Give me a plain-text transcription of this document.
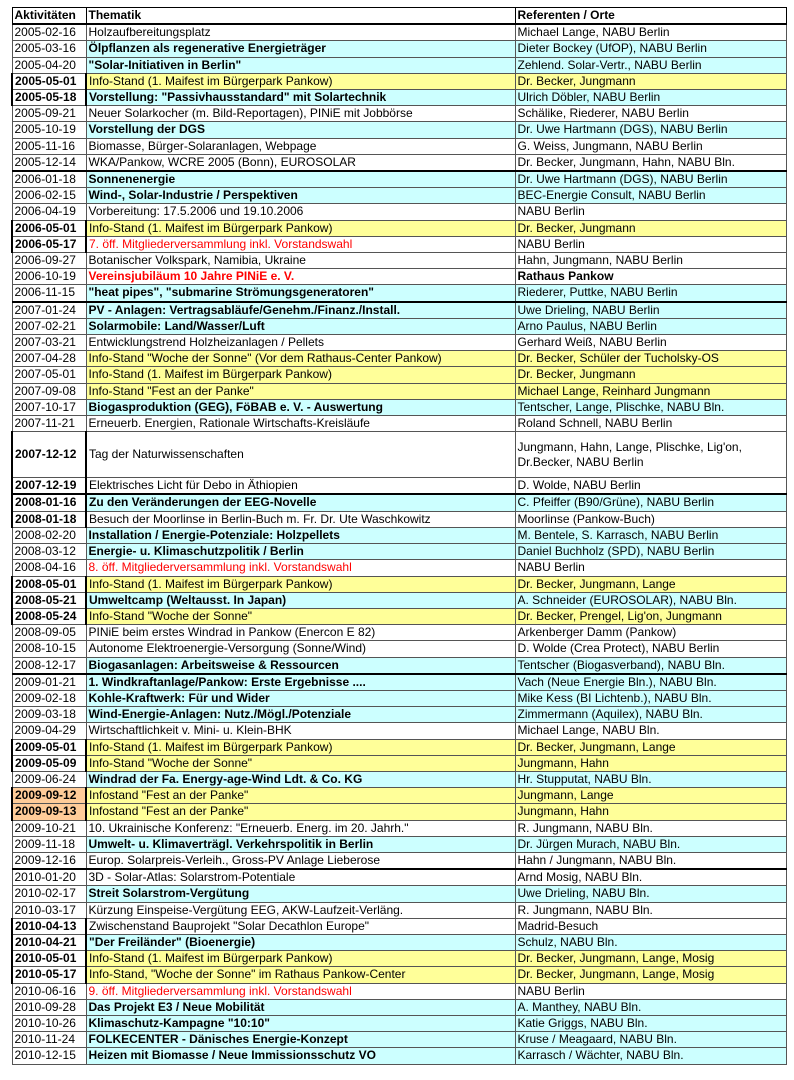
Aktivitäten	Thematik	Referenten / Orte
2005-02-16	Holzaufbereitungsplatz	Michael Lange, NABU Berlin
2005-03-16	Ölpflanzen als regenerative Energieträger	Dieter Bockey (UfOP), NABU Berlin
2005-04-20	"Solar-Initiativen in Berlin"	Zehlend. Solar-Vertr., NABU Berlin
2005-05-01	Info-Stand (1. Maifest im Bürgerpark Pankow)	Dr. Becker, Jungmann
2005-05-18	Vorstellung: "Passivhausstandard" mit Solartechnik	Ulrich Döbler, NABU Berlin
2005-09-21	Neuer Solarkocher (m. Bild-Reportagen), PINiE mit Jobbörse	Schälike, Riederer, NABU Berlin
2005-10-19	Vorstellung der DGS	Dr. Uwe Hartmann (DGS), NABU Berlin
2005-11-16	Biomasse, Bürger-Solaranlagen, Webpage	G. Weiss, Jungmann, NABU Berlin
2005-12-14	WKA/Pankow, WCRE 2005 (Bonn), EUROSOLAR	Dr. Becker, Jungmann, Hahn, NABU Bln.
2006-01-18	Sonnenenergie	Dr. Uwe Hartmann (DGS), NABU Berlin
2006-02-15	Wind-, Solar-Industrie / Perspektiven	BEC-Energie Consult, NABU Berlin
2006-04-19	Vorbereitung: 17.5.2006 und 19.10.2006	NABU Berlin
2006-05-01	Info-Stand (1. Maifest im Bürgerpark Pankow)	Dr. Becker, Jungmann
2006-05-17	7. öff. Mitgliederversammlung inkl. Vorstandswahl	NABU Berlin
2006-09-27	Botanischer Volkspark, Namibia, Ukraine	Hahn, Jungmann, NABU Berlin
2006-10-19	Vereinsjubiläum 10 Jahre PINiE e. V.	Rathaus Pankow
2006-11-15	"heat pipes", "submarine Strömungsgeneratoren"	Riederer, Puttke, NABU Berlin
2007-01-24	PV - Anlagen: Vertragsabläufe/Genehm./Finanz./Install.	Uwe Drieling, NABU Berlin
2007-02-21	Solarmobile: Land/Wasser/Luft	Arno Paulus, NABU Berlin
2007-03-21	Entwicklungstrend Holzheizanlagen / Pellets	Gerhard Weiß, NABU Berlin
2007-04-28	Info-Stand "Woche der Sonne" (Vor dem Rathaus-Center Pankow)	Dr. Becker, Schüler der Tucholsky-OS
2007-05-01	Info-Stand (1. Maifest im Bürgerpark Pankow)	Dr. Becker, Jungmann
2007-09-08	Info-Stand "Fest an der Panke"	Michael Lange, Reinhard Jungmann
2007-10-17	Biogasproduktion (GEG), FöBAB e. V. - Auswertung	Tentscher, Lange, Plischke, NABU Bln.
2007-11-21	Erneuerb. Energien, Rationale Wirtschafts-Kreisläufe	Roland Schnell, NABU Berlin
2007-12-12	Tag der Naturwissenschaften	Jungmann, Hahn, Lange, Plischke, Lig'on, Dr.Becker, NABU Berlin
2007-12-19	Elektrisches Licht für Debo in Äthiopien	D. Wolde, NABU Berlin
2008-01-16	Zu den Veränderungen der EEG-Novelle	C. Pfeiffer (B90/Grüne), NABU Berlin
2008-01-18	Besuch der Moorlinse in Berlin-Buch m. Fr. Dr. Ute Waschkowitz	Moorlinse (Pankow-Buch)
2008-02-20	Installation / Energie-Potenziale: Holzpellets	M. Bentele, S. Karrasch, NABU Berlin
2008-03-12	Energie- u. Klimaschutzpolitik / Berlin	Daniel Buchholz (SPD), NABU Berlin
2008-04-16	8. öff. Mitgliederversammlung inkl. Vorstandswahl	NABU Berlin
2008-05-01	Info-Stand (1. Maifest im Bürgerpark Pankow)	Dr. Becker, Jungmann, Lange
2008-05-21	Umweltcamp (Weltausst. In Japan)	A. Schneider (EUROSOLAR), NABU Bln.
2008-05-24	Info-Stand "Woche der Sonne"	Dr. Becker, Prengel, Lig'on, Jungmann
2008-09-05	PINiE beim erstes Windrad in Pankow (Enercon E 82)	Arkenberger Damm (Pankow)
2008-10-15	Autonome Elektroenergie-Versorgung (Sonne/Wind)	D. Wolde (Crea Protect), NABU Berlin
2008-12-17	Biogasanlagen: Arbeitsweise & Ressourcen	Tentscher (Biogasverband), NABU Bln.
2009-01-21	1. Windkraftanlage/Pankow: Erste Ergebnisse ....	Vach (Neue Energie Bln.), NABU Bln.
2009-02-18	Kohle-Kraftwerk: Für und Wider	Mike Kess (BI Lichtenb.), NABU Bln.
2009-03-18	Wind-Energie-Anlagen: Nutz./Mögl./Potenziale	Zimmermann (Aquilex), NABU Bln.
2009-04-29	Wirtschaftlichkeit v. Mini- u. Klein-BHK	Michael Lange, NABU Bln.
2009-05-01	Info-Stand (1. Maifest im Bürgerpark Pankow)	Dr. Becker, Jungmann, Lange
2009-05-09	Info-Stand "Woche der Sonne"	Jungmann, Hahn
2009-06-24	Windrad der Fa. Energy-age-Wind Ldt. & Co. KG	Hr. Stupputat, NABU Bln.
2009-09-12	Infostand "Fest an der Panke"	Jungmann, Lange
2009-09-13	Infostand "Fest an der Panke"	Jungmann, Hahn
2009-10-21	10. Ukrainische Konferenz: "Erneuerb. Energ. im 20. Jahrh."	R. Jungmann, NABU Bln.
2009-11-18	Umwelt- u. Klimaverträgl. Verkehrspolitik in Berlin	Dr. Jürgen Murach, NABU Bln.
2009-12-16	Europ. Solarpreis-Verleih., Gross-PV Anlage Lieberose	Hahn / Jungmann, NABU Bln.
2010-01-20	3D - Solar-Atlas: Solarstrom-Potentiale	Arnd Mosig, NABU Bln.
2010-02-17	Streit Solarstrom-Vergütung	Uwe Drieling, NABU Bln.
2010-03-17	Kürzung Einspeise-Vergütung EEG, AKW-Laufzeit-Verläng.	R. Jungmann, NABU Bln.
2010-04-13	Zwischenstand Bauprojekt "Solar Decathlon Europe"	Madrid-Besuch
2010-04-21	"Der Freiländer" (Bioenergie)	Schulz, NABU Bln.
2010-05-01	Info-Stand (1. Maifest im Bürgerpark Pankow)	Dr. Becker, Jungmann, Lange, Mosig
2010-05-17	Info-Stand, "Woche der Sonne" im Rathaus Pankow-Center	Dr. Becker, Jungmann, Lange, Mosig
2010-06-16	9. öff. Mitgliederversammlung inkl. Vorstandswahl	NABU Berlin
2010-09-28	Das Projekt E3 / Neue Mobilität	A. Manthey, NABU Bln.
2010-10-26	Klimaschutz-Kampagne "10:10"	Katie Griggs, NABU Bln.
2010-11-24	FOLKECENTER - Dänisches Energie-Konzept	Kruse / Meagaard, NABU Bln.
2010-12-15	Heizen mit Biomasse / Neue Immissionsschutz VO	Karrasch / Wächter, NABU Bln.
